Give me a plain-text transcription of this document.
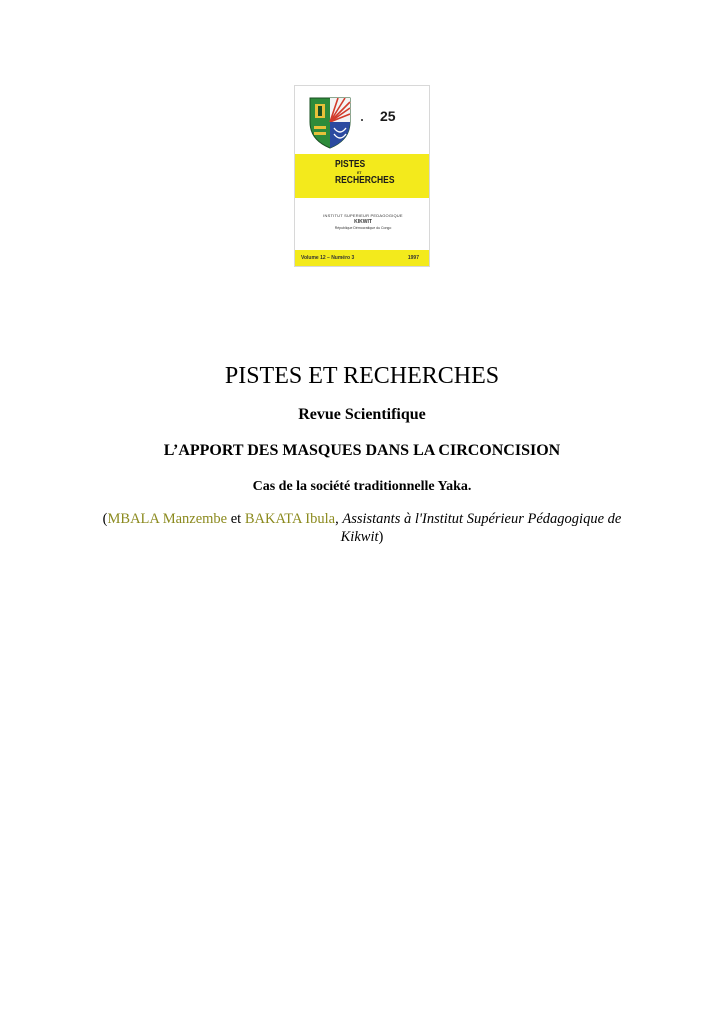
25
PISTES
ET
RECHERCHES
INSTITUT SUPERIEUR PEDAGOGIQUE
KIKWIT
République Démocratique du Congo
Volume 12 – Numéro 3	1997
PISTES ET RECHERCHES

Revue Scientifique

L’APPORT DES MASQUES DANS LA CIRCONCISION

Cas de la société traditionnelle Yaka.

(MBALA Manzembe et BAKATA Ibula, Assistants à l'Institut Supérieur Pédagogique de Kikwit)
